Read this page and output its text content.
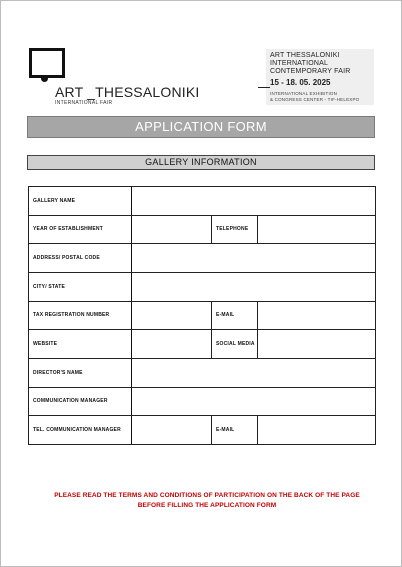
ART _THESSALONIKI
INTERNATIONAL FAIR
ART THESSALONIKI
INTERNATIONAL
CONTEMPORARY FAIR
15 - 18. 05. 2025
INTERNATIONAL EXHIBITION
& CONGRESS CENTER - TIF-HELEXPO
APPLICATION FORM
GALLERY INFORMATION
GALLERY NAME			
YEAR OF ESTABLISHMENT		TELEPHONE	
ADDRESS/ POSTAL CODE			
CITY/ STATE			
TAX REGISTRATION NUMBER		E-MAIL	
WEBSITE		SOCIAL MEDIA	
DIRECTOR'S NAME			
COMMUNICATION MANAGER			
TEL. COMMUNICATION MANAGER		E-MAIL	
PLEASE READ THE TERMS AND CONDITIONS OF PARTICIPATION ON THE BACK OF THE PAGE
BEFORE FILLING THE APPLICATION FORM
